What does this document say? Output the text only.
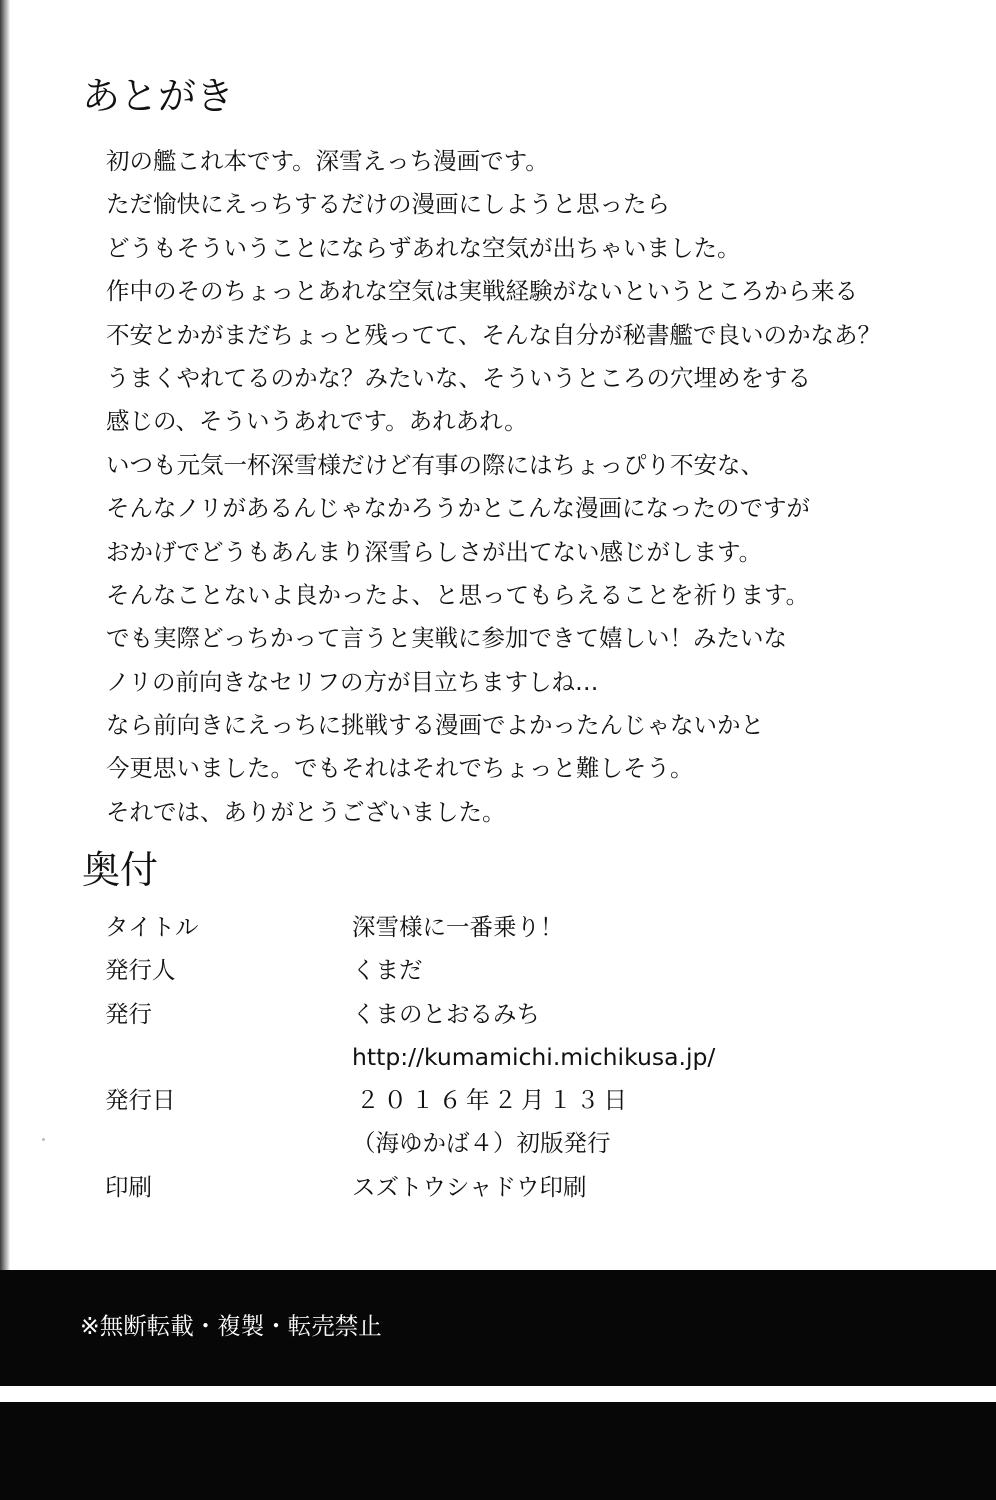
あとがき
初の艦これ本です。深雪えっち漫画です。
ただ愉快にえっちするだけの漫画にしようと思ったら
どうもそういうことにならずあれな空気が出ちゃいました。
作中のそのちょっとあれな空気は実戦経験がないというところから来る
不安とかがまだちょっと残ってて、そんな自分が秘書艦で良いのかなあ？
うまくやれてるのかな？みたいな、そういうところの穴埋めをする
感じの、そういうあれです。あれあれ。
いつも元気一杯深雪様だけど有事の際にはちょっぴり不安な、
そんなノリがあるんじゃなかろうかとこんな漫画になったのですが
おかげでどうもあんまり深雪らしさが出てない感じがします。
そんなことないよ良かったよ、と思ってもらえることを祈ります。
でも実際どっちかって言うと実戦に参加できて嬉しい！みたいな
ノリの前向きなセリフの方が目立ちますしね…
なら前向きにえっちに挑戦する漫画でよかったんじゃないかと
今更思いました。でもそれはそれでちょっと難しそう。
それでは、ありがとうございました。
奥付
タイトル	深雪様に一番乗り！
発行人	くまだ
発行	くまのとおるみち
http://kumamichi.michikusa.jp/
発行日	２０１６年２月１３日
（海ゆかば４）初版発行
印刷	スズトウシャドウ印刷
※無断転載・複製・転売禁止
